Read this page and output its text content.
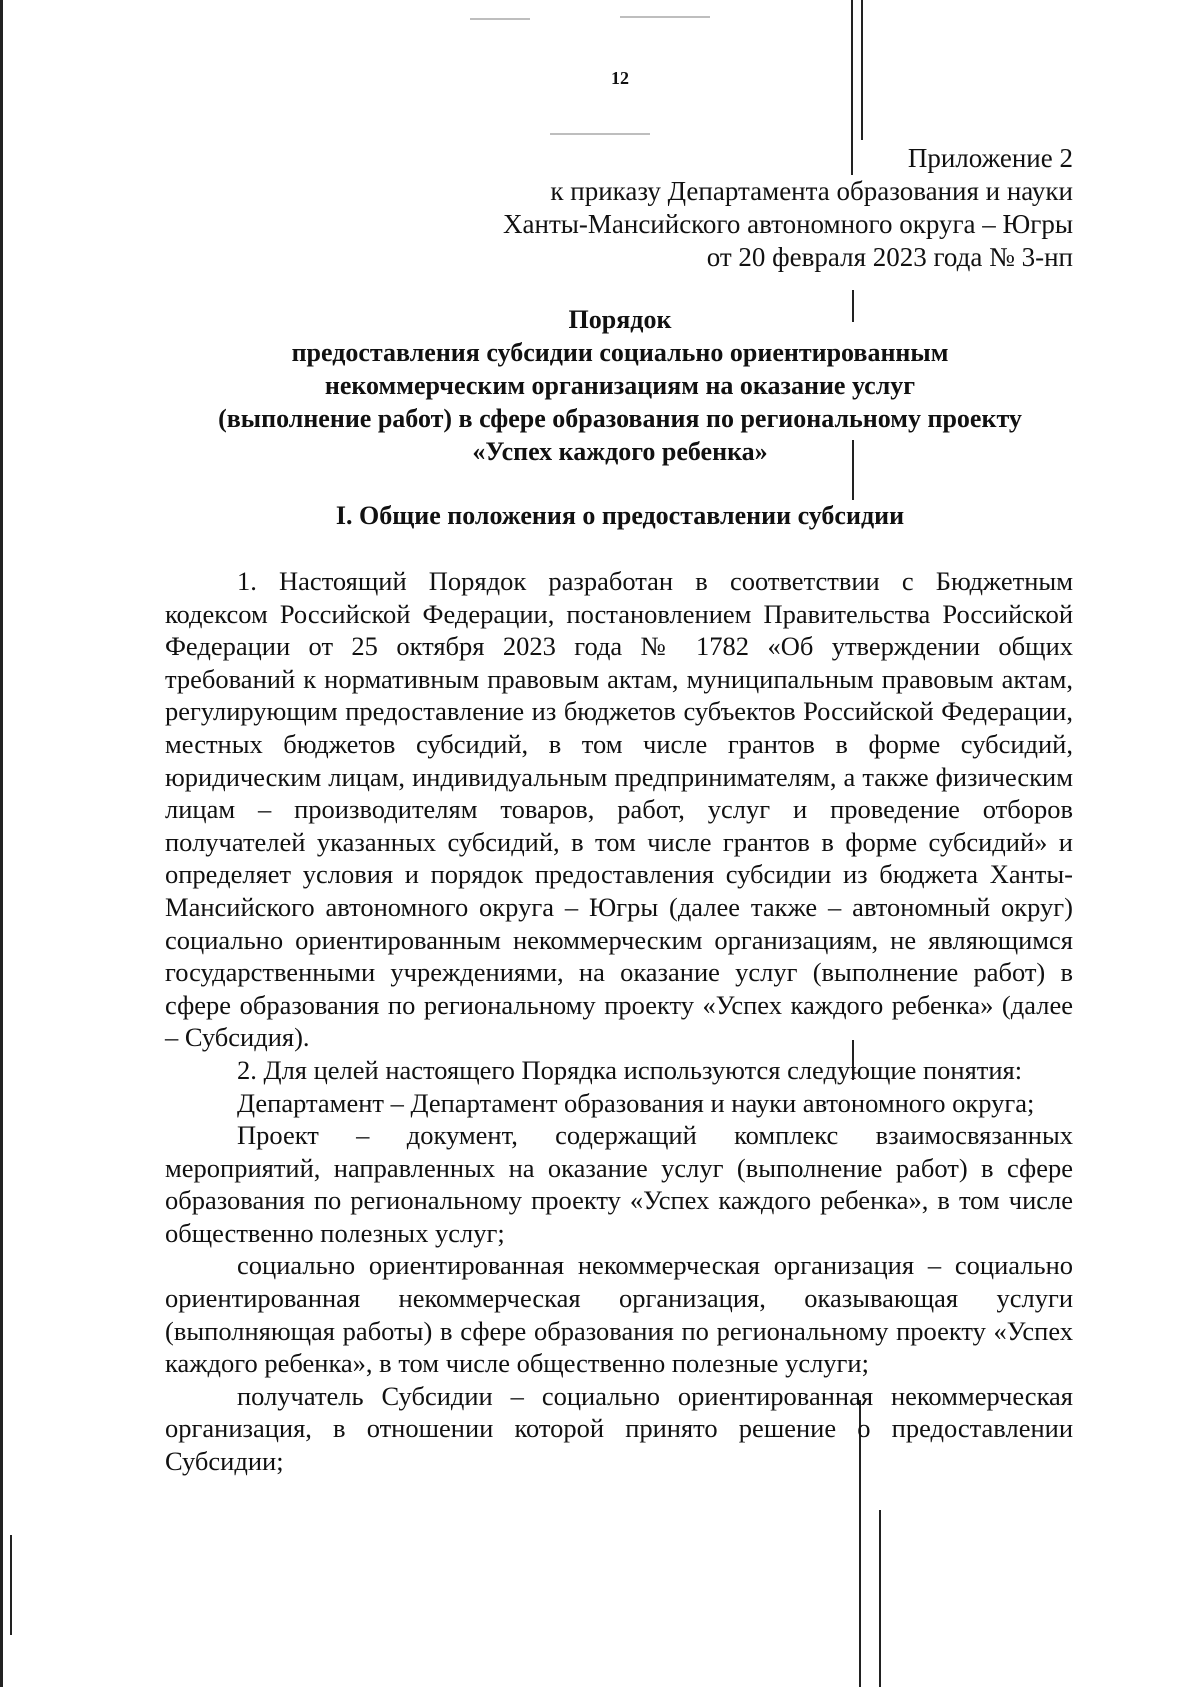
12
Приложение 2
к приказу Департамента образования и науки
Ханты-Мансийского автономного округа – Югры
от 20 февраля 2023 года № 3-нп
Порядок
предоставления субсидии социально ориентированным
некоммерческим организациям на оказание услуг
(выполнение работ) в сфере образования по региональному проекту
«Успех каждого ребенка»
I. Общие положения о предоставлении субсидии

1. Настоящий Порядок разработан в соответствии с Бюджетным кодексом Российской Федерации, постановлением Правительства Российской Федерации от 25 октября 2023 года № 1782 «Об утверждении общих требований к нормативным правовым актам, муниципальным правовым актам, регулирующим предоставление из бюджетов субъектов Российской Федерации, местных бюджетов субсидий, в том числе грантов в форме субсидий, юридическим лицам, индивидуальным предпринимателям, а также физическим лицам – производителям товаров, работ, услуг и проведение отборов получателей указанных субсидий, в том числе грантов в форме субсидий» и определяет условия и порядок предоставления субсидии из бюджета Ханты-Мансийского автономного округа – Югры (далее также – автономный округ) социально ориентированным некоммерческим организациям, не являющимся государственными учреждениями, на оказание услуг (выполнение работ) в сфере образования по региональному проекту «Успех каждого ребенка» (далее – Субсидия).

2. Для целей настоящего Порядка используются следующие понятия:

Департамент – Департамент образования и науки автономного округа;

Проект – документ, содержащий комплекс взаимосвязанных мероприятий, направленных на оказание услуг (выполнение работ) в сфере образования по региональному проекту «Успех каждого ребенка», в том числе общественно полезных услуг;

социально ориентированная некоммерческая организация – социально ориентированная некоммерческая организация, оказывающая услуги (выполняющая работы) в сфере образования по региональному проекту «Успех каждого ребенка», в том числе общественно полезные услуги;

получатель Субсидии – социально ориентированная некоммерческая организация, в отношении которой принято решение о предоставлении Субсидии;
